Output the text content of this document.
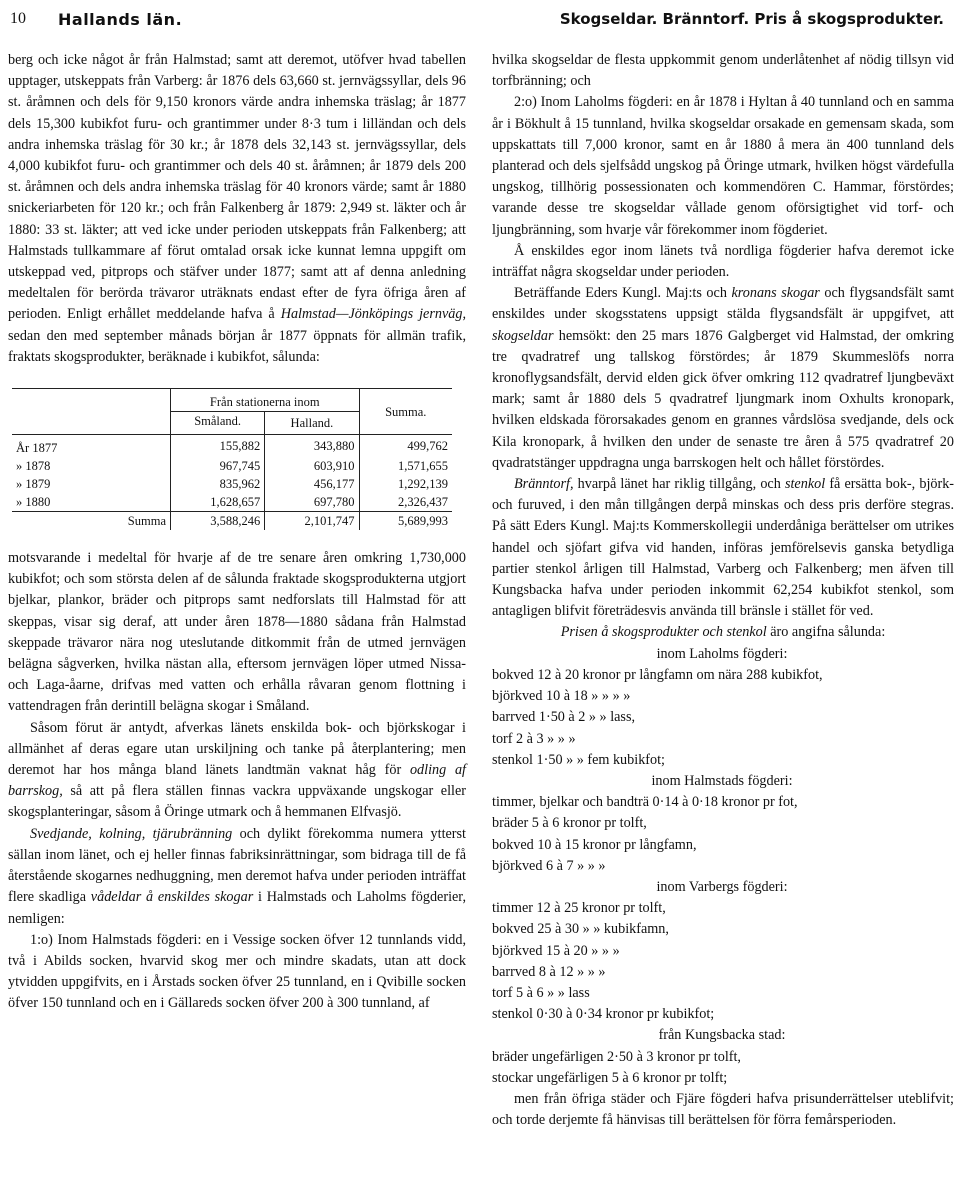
10 Hallands län.	Skogseldar. Bränntorf. Pris å skogsprodukter.

berg och icke något år från Halmstad; samt att deremot, utöfver hvad tabellen upptager, utskeppats från Varberg: år 1876 dels 63,660 st. jernvägssyllar, dels 96 st. åråmnen och dels för 9,150 kronors värde andra inhemska träslag; år 1877 dels 15,300 kubikfot furu- och grantimmer under 8·3 tum i lilländan och dels andra inhemska träslag för 30 kr.; år 1878 dels 32,143 st. jernvägssyllar, dels 4,000 kubikfot furu- och grantimmer och dels 40 st. åråmnen; år 1879 dels 200 st. åråmnen och dels andra inhemska träslag för 40 kronors värde; samt år 1880 snickeriarbeten för 120 kr.; och från Falkenberg år 1879: 2,949 st. läkter och år 1880: 33 st. läkter; att ved icke under perioden utskeppats från Falkenberg; att Halmstads tullkammare af förut omtalad orsak icke kunnat lemna uppgift om utskeppad ved, pitprops och stäfver under 1877; samt att af denna anledning medeltalen för berörda trävaror uträknats endast efter de fyra öfriga åren af perioden. Enligt erhållet meddelande hafva å Halmstad—Jönköpings jernväg, sedan den med september månads början år 1877 öppnats för allmän trafik, fraktats skogsprodukter, beräknade i kubikfot, sålunda:

	Från stationerna inom		Summa.
	Småland.	Halland.	
År 1877	155,882	343,880	499,762
» 1878	967,745	603,910	1,571,655
» 1879	835,962	456,177	1,292,139
» 1880	1,628,657	697,780	2,326,437
Summa	3,588,246	2,101,747	5,689,993

motsvarande i medeltal för hvarje af de tre senare åren omkring 1,730,000 kubikfot; och som största delen af de sålunda fraktade skogsprodukterna utgjort bjelkar, plankor, bräder och pitprops samt nedforslats till Halmstad för att skeppas, visar sig deraf, att under åren 1878—1880 sådana från Halmstad skeppade trävaror nära nog uteslutande ditkommit från de utmed jernvägen belägna sågverken, hvilka nästan alla, eftersom jernvägen löper utmed Nissa- och Laga-åarne, drifvas med vatten och erhålla råvaran genom flottning i vattendragen från derintill belägna skogar i Småland.

Såsom förut är antydt, afverkas länets enskilda bok- och björkskogar i allmänhet af deras egare utan urskiljning och tanke på återplantering; men deremot har hos många bland länets landtmän vaknat håg för odling af barrskog, så att på flera ställen finnas vackra uppväxande ungskogar eller skogsplanteringar, såsom å Öringe utmark och å hemmanen Elfvasjö.

Svedjande, kolning, tjärubränning och dylikt förekomma numera ytterst sällan inom länet, och ej heller finnas fabriksinrättningar, som bidraga till de få återstående skogarnes nedhuggning, men deremot hafva under perioden inträffat flere skadliga vådeldar å enskildes skogar i Halmstads och Laholms fögderier, nemligen:

1:o) Inom Halmstads fögderi: en i Vessige socken öfver 12 tunnlands vidd, två i Abilds socken, hvarvid skog mer och mindre skadats, utan att dock ytvidden uppgifvits, en i Årstads socken öfver 25 tunnland, en i Qvibille socken öfver 150 tunnland och en i Gällareds socken öfver 200 à 300 tunnland, af

hvilka skogseldar de flesta uppkommit genom underlåtenhet af nödig tillsyn vid torfbränning; och

2:o) Inom Laholms fögderi: en år 1878 i Hyltan å 40 tunnland och en samma år i Bökhult å 15 tunnland, hvilka skogseldar orsakade en gemensam skada, som uppskattats till 7,000 kronor, samt en år 1880 å mera än 400 tunnland dels planterad och dels sjelfsådd ungskog på Öringe utmark, hvilken högst värdefulla ungskog, tillhörig possessionaten och kommendören C. Hammar, förstördes; varande desse tre skogseldar vållade genom oförsigtighet vid torf- och ljungbränning, som hvarje vår förekommer inom fögderiet.

Å enskildes egor inom länets två nordliga fögderier hafva deremot icke inträffat några skogseldar under perioden.

Beträffande Eders Kungl. Maj:ts och kronans skogar och flygsandsfält samt enskildes under skogsstatens uppsigt stälda flygsandsfält är uppgifvet, att skogseldar hemsökt: den 25 mars 1876 Galgberget vid Halmstad, der omkring tre qvadratref ung tallskog förstördes; år 1879 Skummeslöfs norra kronoflygsandsfält, dervid elden gick öfver omkring 112 qvadratref ljungbeväxt mark; samt år 1880 dels 5 qvadratref ljungmark inom Oxhults kronopark, hvilken eldskada förorsakades genom en grannes vårdslösa svedjande, dels ock Kila kronopark, å hvilken den under de senaste tre åren å 575 qvadratref 20 qvadratstänger uppdragna unga barrskogen helt och hållet förstördes.

Bränntorf, hvarpå länet har riklig tillgång, och stenkol få ersätta bok-, björk- och furuved, i den mån tillgången derpå minskas och dess pris derföre stegras. På sätt Eders Kungl. Maj:ts Kommerskollegii underdåniga berättelser om utrikes handel och sjöfart gifva vid handen, införas jemförelsevis ganska betydliga partier stenkol årligen till Halmstad, Varberg och Falkenberg; men äfven till Kungsbacka hafva under perioden inkommit 62,254 kubikfot stenkol, som antagligen blifvit företrädesvis använda till bränsle i stället för ved.

Prisen å skogsprodukter och stenkol äro angifna sålunda:

inom Laholms fögderi:

bokved 12 à 20 kronor pr långfamn om nära 288 kubikfot,
björkved 10 à 18 » » » »
barrved 1·50 à 2 » » lass,
torf 2 à 3 » » »
stenkol 1·50 » » fem kubikfot;

inom Halmstads fögderi:

timmer, bjelkar och bandträ 0·14 à 0·18 kronor pr fot,
bräder 5 à 6 kronor pr tolft,
bokved 10 à 15 kronor pr långfamn,
björkved 6 à 7 » » »

inom Varbergs fögderi:

timmer 12 à 25 kronor pr tolft,
bokved 25 à 30 » » kubikfamn,
björkved 15 à 20 » » »
barrved 8 à 12 » » »
torf 5 à 6 » » lass
stenkol 0·30 à 0·34 kronor pr kubikfot;

från Kungsbacka stad:

bräder ungefärligen 2·50 à 3 kronor pr tolft,
stockar ungefärligen 5 à 6 kronor pr tolft;

men från öfriga städer och Fjäre fögderi hafva prisunderrättelser uteblifvit; och torde derjemte få hänvisas till berättelsen för förra femårsperioden.
